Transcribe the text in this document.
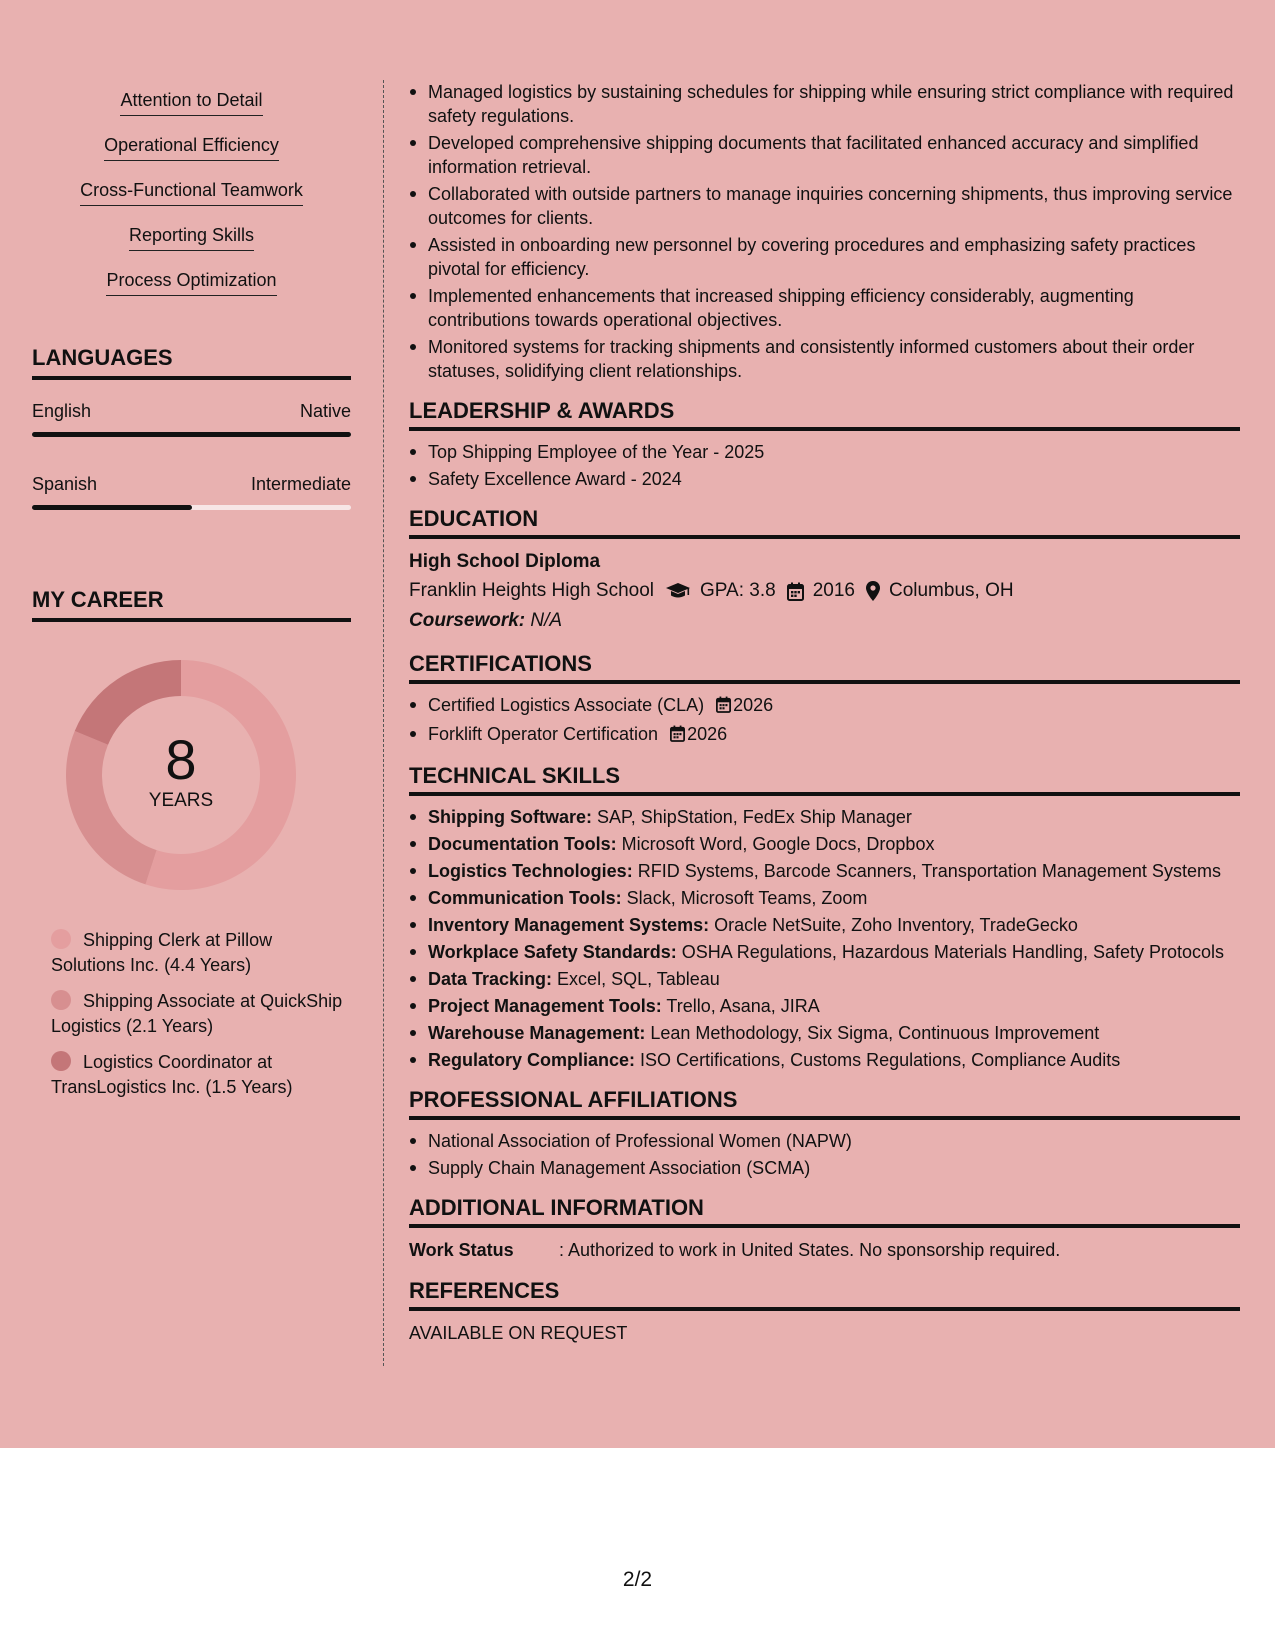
Attention to Detail
Operational Efficiency
Cross-Functional Teamwork
Reporting Skills
Process Optimization
LANGUAGES
English	Native
Spanish	Intermediate
MY CAREER
8
YEARS
Shipping Clerk at Pillow Solutions Inc. (4.4 Years)
Shipping Associate at QuickShip Logistics (2.1 Years)
Logistics Coordinator at TransLogistics Inc. (1.5 Years)
Managed logistics by sustaining schedules for shipping while ensuring strict compliance with required safety regulations.
Developed comprehensive shipping documents that facilitated enhanced accuracy and simplified information retrieval.
Collaborated with outside partners to manage inquiries concerning shipments, thus improving service outcomes for clients.
Assisted in onboarding new personnel by covering procedures and emphasizing safety practices pivotal for efficiency.
Implemented enhancements that increased shipping efficiency considerably, augmenting contributions towards operational objectives.
Monitored systems for tracking shipments and consistently informed customers about their order statuses, solidifying client relationships.
LEADERSHIP & AWARDS
Top Shipping Employee of the Year - 2025
Safety Excellence Award - 2024
EDUCATION
High School Diploma
Franklin Heights High School GPA: 3.8 2016 Columbus, OH
Coursework: N/A
CERTIFICATIONS
Certified Logistics Associate (CLA) 2026
Forklift Operator Certification 2026
TECHNICAL SKILLS
Shipping Software: SAP, ShipStation, FedEx Ship Manager
Documentation Tools: Microsoft Word, Google Docs, Dropbox
Logistics Technologies: RFID Systems, Barcode Scanners, Transportation Management Systems
Communication Tools: Slack, Microsoft Teams, Zoom
Inventory Management Systems: Oracle NetSuite, Zoho Inventory, TradeGecko
Workplace Safety Standards: OSHA Regulations, Hazardous Materials Handling, Safety Protocols
Data Tracking: Excel, SQL, Tableau
Project Management Tools: Trello, Asana, JIRA
Warehouse Management: Lean Methodology, Six Sigma, Continuous Improvement
Regulatory Compliance: ISO Certifications, Customs Regulations, Compliance Audits
PROFESSIONAL AFFILIATIONS
National Association of Professional Women (NAPW)
Supply Chain Management Association (SCMA)
ADDITIONAL INFORMATION
Work Status	: Authorized to work in United States. No sponsorship required.
REFERENCES
AVAILABLE ON REQUEST
2/2
